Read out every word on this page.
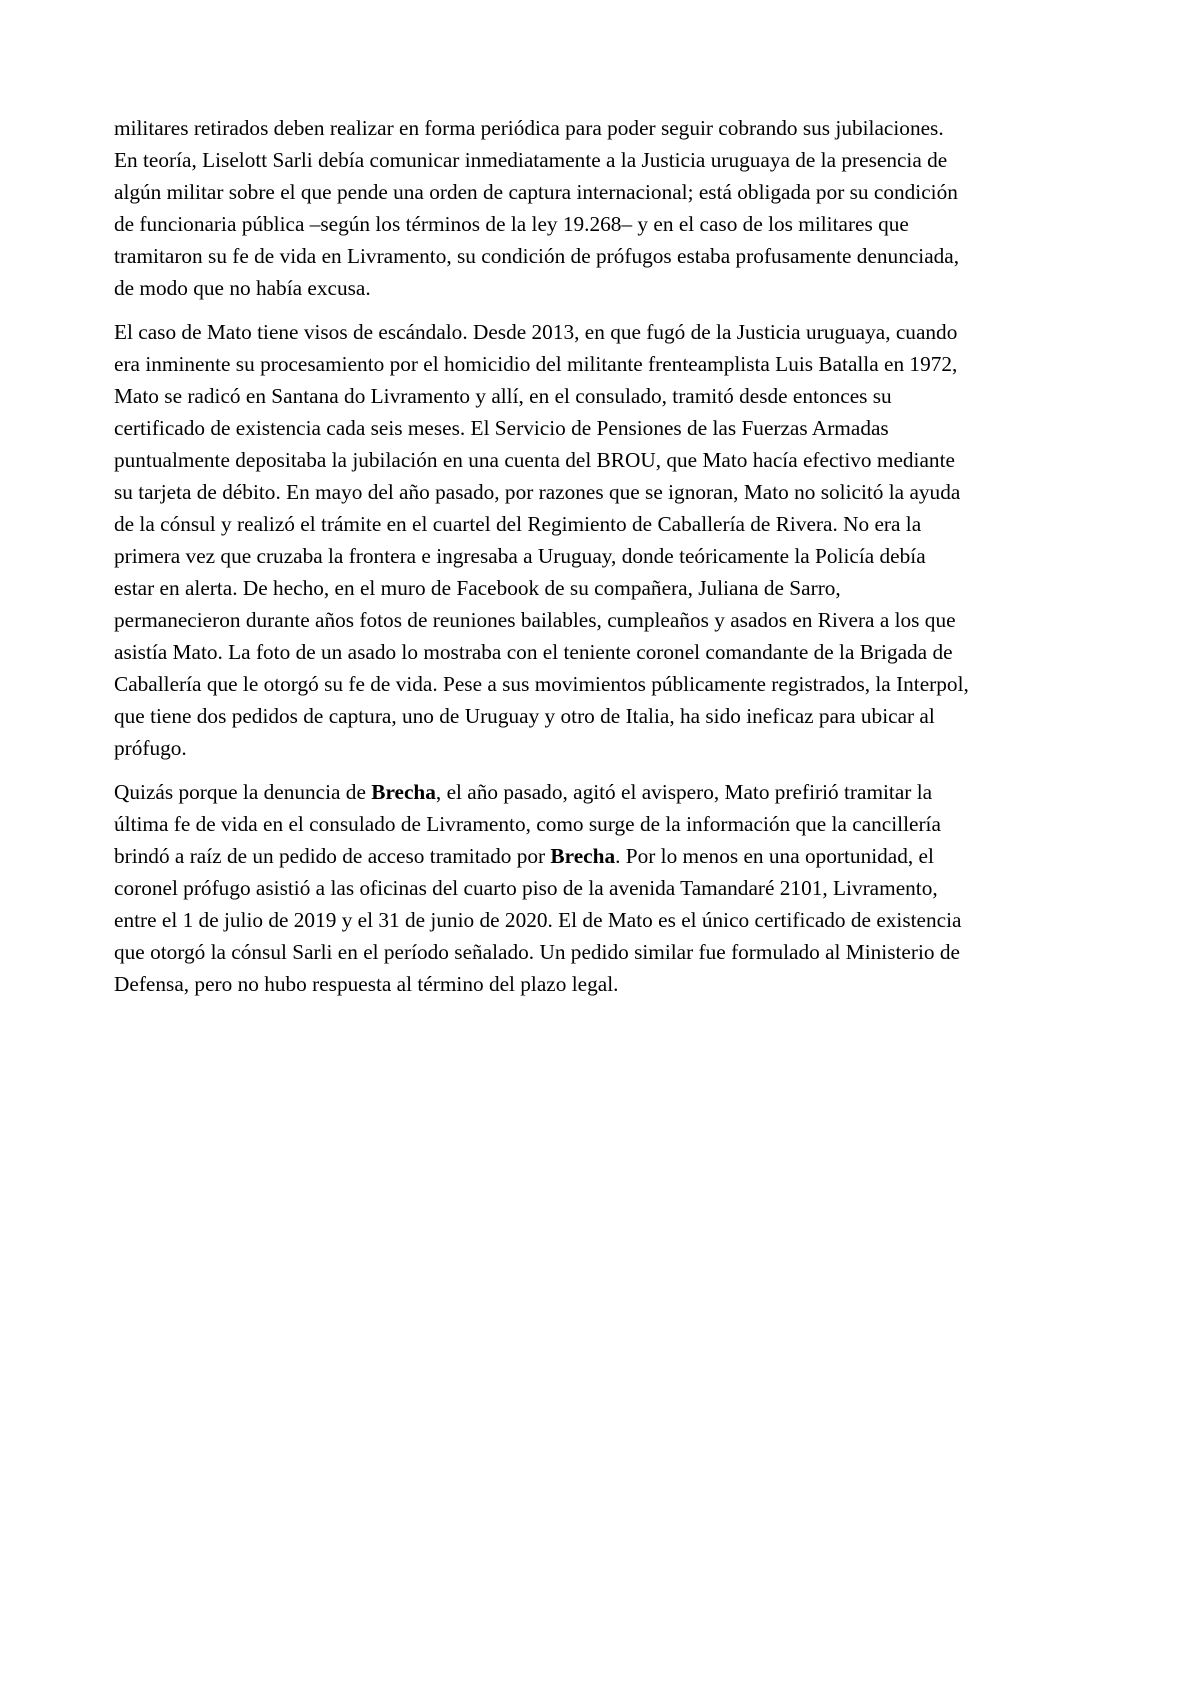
militares retirados deben realizar en forma periódica para poder seguir cobrando sus jubilaciones.
En teoría, Liselott Sarli debía comunicar inmediatamente a la Justicia uruguaya de la presencia de
algún militar sobre el que pende una orden de captura internacional; está obligada por su condición
de funcionaria pública –según los términos de la ley 19.268– y en el caso de los militares que
tramitaron su fe de vida en Livramento, su condición de prófugos estaba profusamente denunciada,
de modo que no había excusa.

El caso de Mato tiene visos de escándalo. Desde 2013, en que fugó de la Justicia uruguaya, cuando
era inminente su procesamiento por el homicidio del militante frenteamplista Luis Batalla en 1972,
Mato se radicó en Santana do Livramento y allí, en el consulado, tramitó desde entonces su
certificado de existencia cada seis meses. El Servicio de Pensiones de las Fuerzas Armadas
puntualmente depositaba la jubilación en una cuenta del BROU, que Mato hacía efectivo mediante
su tarjeta de débito. En mayo del año pasado, por razones que se ignoran, Mato no solicitó la ayuda
de la cónsul y realizó el trámite en el cuartel del Regimiento de Caballería de Rivera. No era la
primera vez que cruzaba la frontera e ingresaba a Uruguay, donde teóricamente la Policía debía
estar en alerta. De hecho, en el muro de Facebook de su compañera, Juliana de Sarro,
permanecieron durante años fotos de reuniones bailables, cumpleaños y asados en Rivera a los que
asistía Mato. La foto de un asado lo mostraba con el teniente coronel comandante de la Brigada de
Caballería que le otorgó su fe de vida. Pese a sus movimientos públicamente registrados, la Interpol,
que tiene dos pedidos de captura, uno de Uruguay y otro de Italia, ha sido ineficaz para ubicar al
prófugo.

Quizás porque la denuncia de Brecha, el año pasado, agitó el avispero, Mato prefirió tramitar la
última fe de vida en el consulado de Livramento, como surge de la información que la cancillería
brindó a raíz de un pedido de acceso tramitado por Brecha. Por lo menos en una oportunidad, el
coronel prófugo asistió a las oficinas del cuarto piso de la avenida Tamandaré 2101, Livramento,
entre el 1 de julio de 2019 y el 31 de junio de 2020. El de Mato es el único certificado de existencia
que otorgó la cónsul Sarli en el período señalado. Un pedido similar fue formulado al Ministerio de
Defensa, pero no hubo respuesta al término del plazo legal.
